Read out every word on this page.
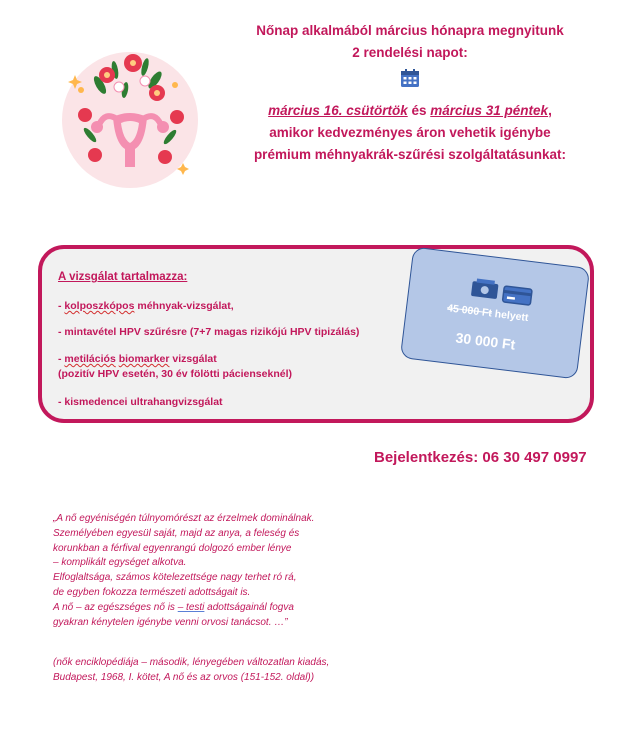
Nőnap alkalmából március hónapra megnyitunk
2 rendelési napot:
március 16. csütörtök és március 31 péntek,
amikor kedvezményes áron vehetik igénybe
prémium méhnyakrák-szűrési szolgáltatásunkat:
A vizsgálat tartalmazza:
- kolposzkópos méhnyak-vizsgálat,
- mintavétel HPV szűrésre (7+7 magas rizikójú HPV tipizálás)
- metilációs biomarker vizsgálat
(pozitív HPV esetén, 30 év fölötti pácienseknél)
- kismedencei ultrahangvizsgálat
45 000 Ft helyett
30 000 Ft
Bejelentkezés: 06 30 497 0997
„A nő egyéniségén túlnyomórészt az érzelmek dominálnak.
Személyében egyesül saját, majd az anya, a feleség és
korunkban a férfival egyenrangú dolgozó ember lénye
– komplikált egységet alkotva.
Elfoglaltsága, számos kötelezettsége nagy terhet ró rá,
de egyben fokozza természeti adottságait is.
A nő – az egészséges nő is – testi adottságainál fogva
gyakran kénytelen igénybe venni orvosi tanácsot. …”
(nők enciklopédiája – második, lényegében változatlan kiadás,
Budapest, 1968, I. kötet, A nő és az orvos (151-152. oldal))
